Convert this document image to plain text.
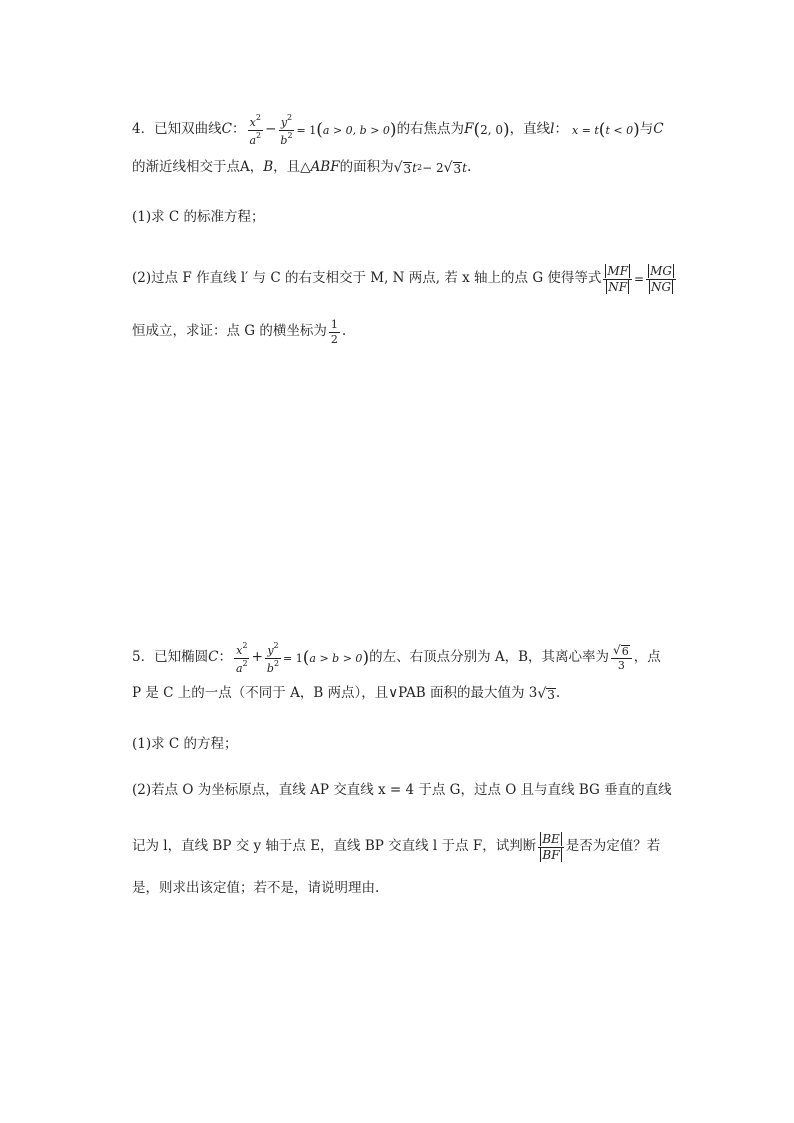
4．已知双曲线 C ： $\frac{x^2}{a^2} - \frac{y^2}{b^2} = 1$ ( a > 0, b > 0 ) 的右焦点为 F ( 2, 0 ) ，直线 l ： x = t ( t < 0 ) 与 C
的渐近线相交于点A， B ，且△ ABF 的面积为 √ 3 t 2 − 2 √ 3 t .
(1)求 C 的标准方程；
(2)过点 F 作直线 l′ 与 C 的右支相交于 M, N 两点, 若 x 轴上的点 G 使得等式 $\frac{MF}{NF} = \frac{MG}{NG}$
恒成立，求证：点 G 的横坐标为 $\frac{1}{2}$ .
5．已知椭圆 C ： $\frac{x^2}{a^2} + \frac{y^2}{b^2} = 1$ ( a > b > 0 ) 的左、右顶点分别为 A，B，其离心率为 $\frac{√ 6}{3}$ ，点
P 是 C 上的一点（不同于 A，B 两点），且∨PAB 面积的最大值为 3 √ 3 .
(1)求 C 的方程；
(2)若点 O 为坐标原点，直线 AP 交直线 x = 4 于点 G，过点 O 且与直线 BG 垂直的直线
记为 l，直线 BP 交 y 轴于点 E，直线 BP 交直线 l 于点 F，试判断 $\frac{BE}{BF}$ 是否为定值？若
是，则求出该定值；若不是，请说明理由.
